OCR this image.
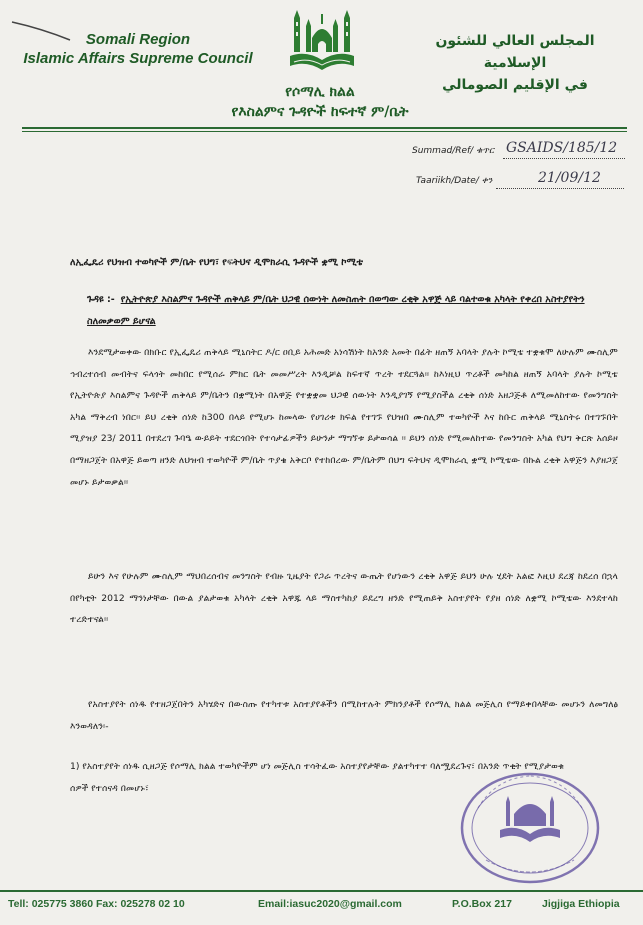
Somali Region
Islamic Affairs Supreme Council
المجلس العالي للشئون الإسلامية
في الإقليم الصومالي
የሶማሊ ክልል
የእስልምና ጉዳዮች ከፍተኛ ም/ቤት
Summad/Ref/ ቁጥር GSAIDS/185/12
Taariikh/Date/ ቀን	21/09/12
ለኢፌዴሪ የህዝብ ተወካዮች ም/ቤት የህግ፣ የፍትህና ዲሞክራሲ ጉዳዮች ቋሚ ኮሚቴ
ጉዳዩ :- የኢትዮጵያ እስልምና ጉዳዮች ጠቅላይ ም/ቤት ህጋዊ ሰውነት ለመስጠት በወጣው ረቂቅ አዋጅ ላይ ባልተወቁ አካላት የቀረበ አስተያየትን ስለመቃወም ይሆናል
እንደሚታወቀው በክቡር የኢፌዴሪ ጠቅላይ ሚኒስትር ዶ/ር ዐቢይ አሕመድ አነሳሽነት ከአንድ አመት በፊት ዘጠኝ አባላት ያሉት ኮሚቴ ተቋቁሞ ለሁሉም ሙስሊም ኅብረተሰብ መብትና ፍላጎት መከበር የሚሰራ ምክር ቤት መመሥረት እንዲቻል ከፍተኛ ጥረት ተደርጓል፡፡ ከእነዚህ ጥረቶች መካከል ዘጠኝ አባላት ያሉት ኮሚቴ የኢትዮጵያ እስልምና ጉዳዮች ጠቅላይ ም/ቤትን በቋሚነት በአዋጅ የተቋቋመ ህጋዊ ሰውነት እንዲያገኝ የሚያስችል ረቂቅ ሰነድ አዘጋጅቶ ለሚመለከተው የመንግስት አካል ማቅረብ ነበር፡፡ ይህ ረቂቅ ሰነድ ከ300 በላይ የሚሆኑ ከመላው የሀገሪቱ ክፍል የተገኙ የህዝበ ሙስሊም ተወካዮች እና ከቡር ጠቅላይ ሚኒስትሩ በተገኙበት ሚያዝያ 23/ 2011 በተደረገ ጉባዔ ውይይት ተደርጎበት የተሳታፊዎችን ይሁንታ ማግኘቱ ይታወሳል ፡፡ ይህን ሰነድ የሚመለከተው የመንግስት አካል የህግ ቅርጽ አሰይዞ በማዘጋጀት በአዋጅ ይወጣ ዘንድ ለህዝብ ተወካዮች ም/ቤት ጥያቄ አቅርቦ የተከበረው ም/ቤትም በህግ ፍትህና ዲሞክራሲ ቋሚ ኮሚቴው በኩል ረቂቅ አዋጅን እያዘጋጀ መሆኑ ይታወቃል፡፡
ይሁን እና የሁሉም ሙስሊም ማህበረሰብና መንግስት የብዙ ጊዜያት የጋራ ጥረትና ውጤት የሆነውን ረቂቅ አዋጅ ይህን ሁሉ ሂደት አልፎ እዚህ ደረጃ ከደረሰ በኋላ በየካቲት 2012 ማንነታቸው በውል ያልታወቁ አካላት ረቂቅ አዋጁ ላይ ማስተካከያ ይደረግ ዘንድ የሚጠይቅ አስተያየት የያዘ ሰነድ ለቋሚ ኮሚቴው እንደተላከ ተረድተናል፡፡
የአስተያየት ሰነዱ የተዘጋጀበትን አካሄድና በውስጡ የተካተቱ አስተያየቶችን በሚከተሉት ምክንያቶች የሶማሊ ክልል መጅሊስ የማይቀበላቸው መሆኑን ለመግለፅ እንወዳለን፡-
1) የአስተያየት ሰነዱ ሲዘጋጅ የሶማሊ ክልል ተወካዮችም ሆነ መጅሊስ ተሳትፈው አስተያየታቸው ያልተካተተ ባለሟደረጉና፣ በአንድ ጥቂት የሚያታወቁ ሰዎች የተሰናዳ በመሆኑ፣
Tell: 025775 3860 Fax: 025278 02 10	Email:iasuc2020@gmail.com	P.O.Box 217	Jigjiga Ethiopia
